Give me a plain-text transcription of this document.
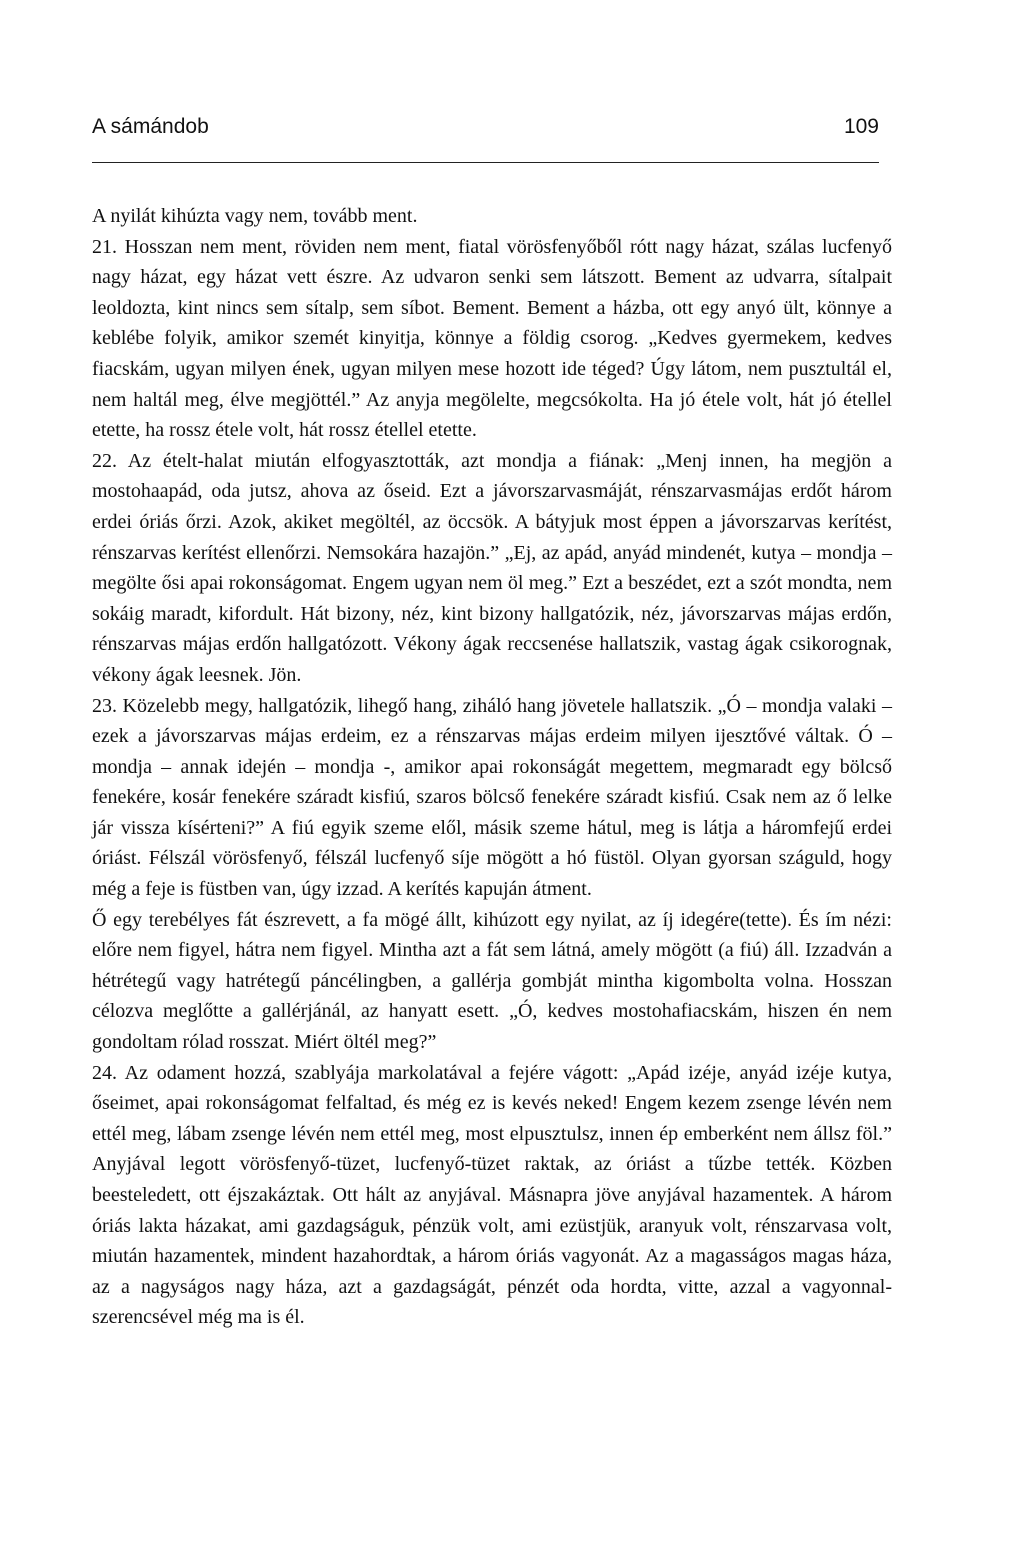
A sámándob	109

A nyilát kihúzta vagy nem, tovább ment.

21. Hosszan nem ment, röviden nem ment, fiatal vörösfenyőből rótt nagy házat, szálas lucfenyő nagy házat, egy házat vett észre. Az udvaron senki sem látszott. Bement az udvarra, sítalpait leoldozta, kint nincs sem sítalp, sem síbot. Bement. Bement a házba, ott egy anyó ült, könnye a keblébe folyik, amikor szemét kinyitja, könnye a földig csorog. „Kedves gyermekem, kedves fiacskám, ugyan milyen ének, ugyan milyen mese hozott ide téged? Úgy látom, nem pusztultál el, nem haltál meg, élve megjöttél.” Az anyja megölelte, megcsókolta. Ha jó étele volt, hát jó étellel etette, ha rossz étele volt, hát rossz étellel etette.

22. Az ételt-halat miután elfogyasztották, azt mondja a fiának: „Menj innen, ha megjön a mostohaapád, oda jutsz, ahova az őseid. Ezt a jávorszarvasmáját, rénszarvasmájas erdőt három erdei óriás őrzi. Azok, akiket megöltél, az öccsök. A bátyjuk most éppen a jávorszarvas kerítést, rénszarvas kerítést ellenőrzi. Nemsokára hazajön.” „Ej, az apád, anyád mindenét, kutya – mondja – megölte ősi apai rokonságomat. Engem ugyan nem öl meg.” Ezt a beszédet, ezt a szót mondta, nem sokáig maradt, kifordult. Hát bizony, néz, kint bizony hallgatózik, néz, jávorszarvas májas erdőn, rénszarvas májas erdőn hallgatózott. Vékony ágak reccsenése hallatszik, vastag ágak csikorognak, vékony ágak leesnek. Jön.

23. Közelebb megy, hallgatózik, lihegő hang, ziháló hang jövetele hallatszik. „Ó – mondja valaki – ezek a jávorszarvas májas erdeim, ez a rénszarvas májas erdeim milyen ijesztővé váltak. Ó – mondja – annak idején – mondja -, amikor apai rokonságát megettem, megmaradt egy bölcső fenekére, kosár fenekére száradt kisfiú, szaros bölcső fenekére száradt kisfiú. Csak nem az ő lelke jár vissza kísérteni?” A fiú egyik szeme elől, másik szeme hátul, meg is látja a háromfejű erdei óriást. Félszál vörösfenyő, félszál lucfenyő síje mögött a hó füstöl. Olyan gyorsan száguld, hogy még a feje is füstben van, úgy izzad. A kerítés kapuján átment.

Ő egy terebélyes fát észrevett, a fa mögé állt, kihúzott egy nyilat, az íj idegére(tette). És ím nézi: előre nem figyel, hátra nem figyel. Mintha azt a fát sem látná, amely mögött (a fiú) áll. Izzadván a hétrétegű vagy hatrétegű páncélingben, a gallérja gombját mintha kigombolta volna. Hosszan célozva meglőtte a gallérjánál, az hanyatt esett. „Ó, kedves mostohafiacskám, hiszen én nem gondoltam rólad rosszat. Miért öltél meg?”

24. Az odament hozzá, szablyája markolatával a fejére vágott: „Apád izéje, anyád izéje kutya, őseimet, apai rokonságomat felfaltad, és még ez is kevés neked! Engem kezem zsenge lévén nem ettél meg, lábam zsenge lévén nem ettél meg, most elpusztulsz, innen ép emberként nem állsz föl.” Anyjával legott vörösfenyő-tüzet, lucfenyő-tüzet raktak, az óriást a tűzbe tették. Közben beesteledett, ott éjszakáztak. Ott hált az anyjával. Másnapra jöve anyjával hazamentek. A három óriás lakta házakat, ami gazdagságuk, pénzük volt, ami ezüstjük, aranyuk volt, rénszarvasa volt, miután hazamentek, mindent hazahordtak, a három óriás vagyonát. Az a magasságos magas háza, az a nagyságos nagy háza, azt a gazdagságát, pénzét oda hordta, vitte, azzal a vagyonnal-szerencsével még ma is él.
